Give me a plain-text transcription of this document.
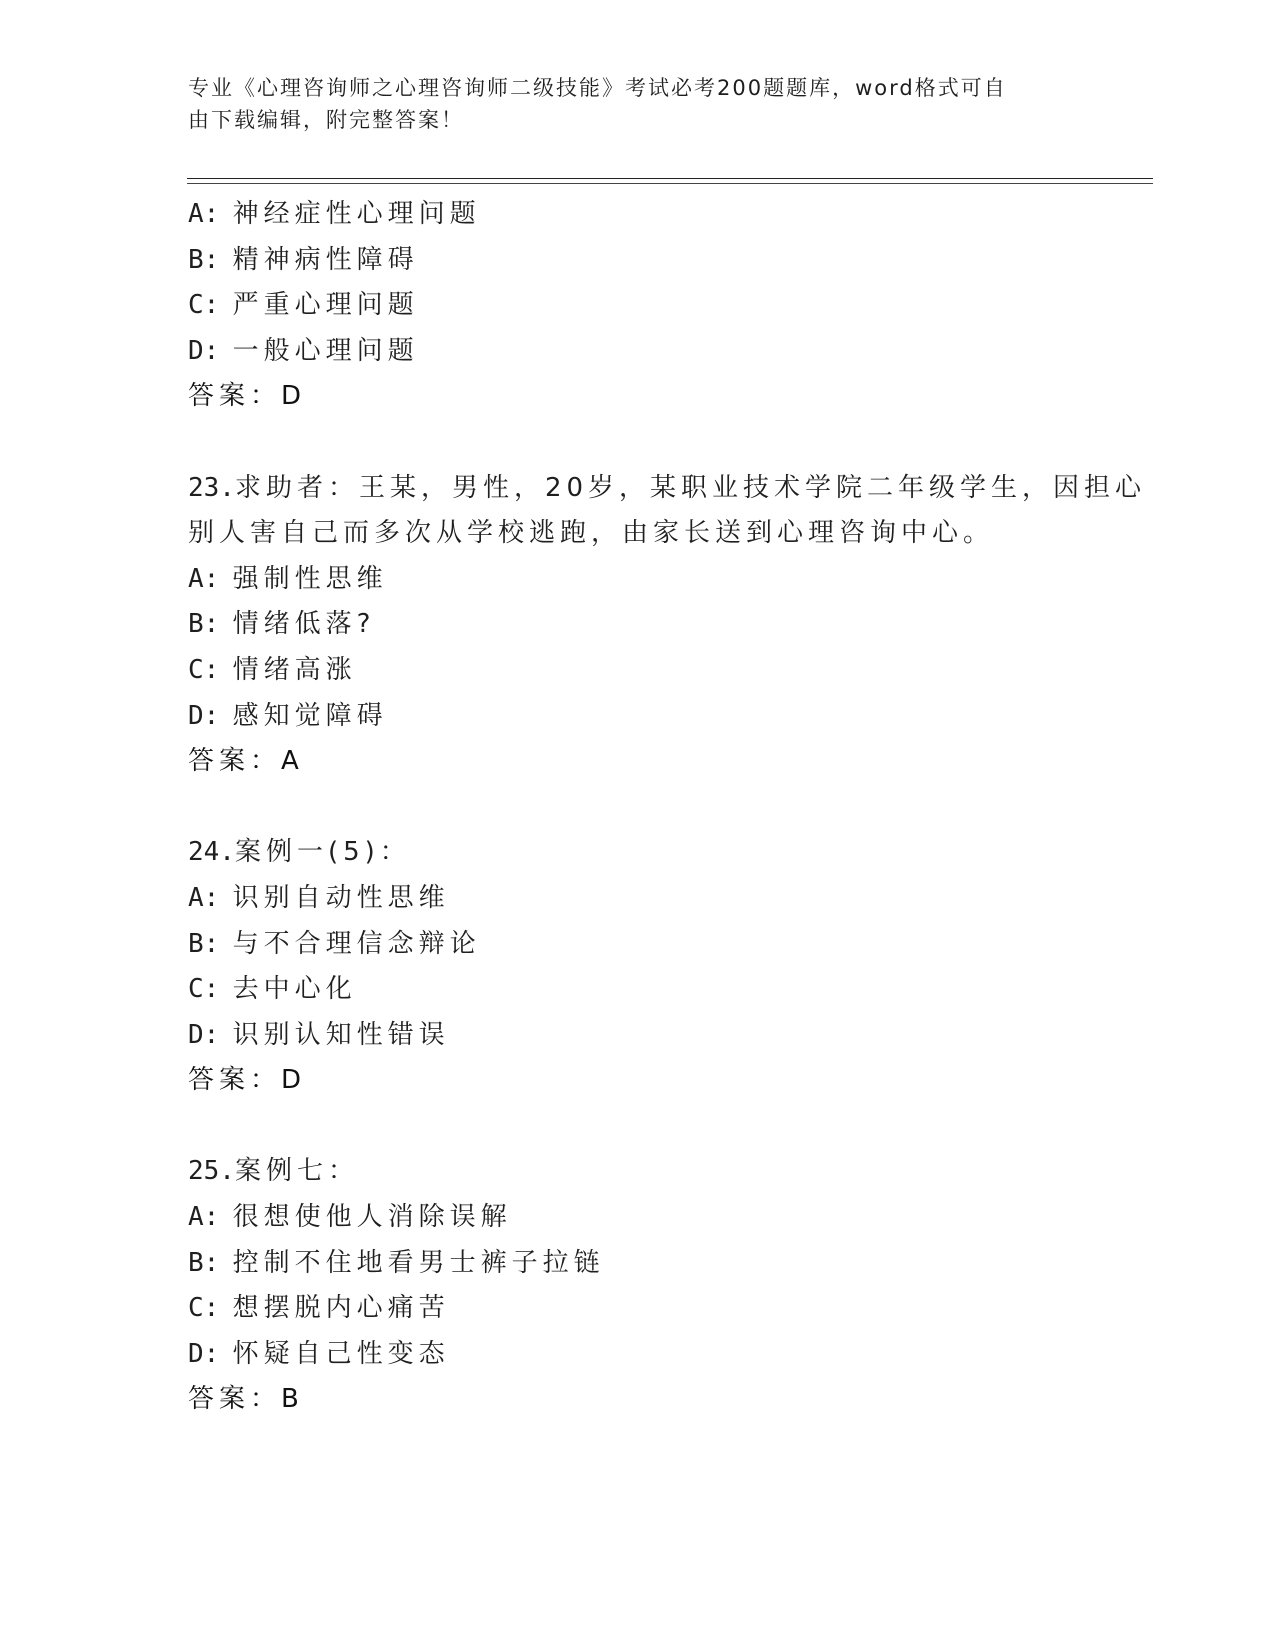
专业《心理咨询师之心理咨询师二级技能》考试必考200题题库，word格式可自
由下载编辑，附完整答案！
A: 神经症性心理问题
B: 精神病性障碍
C: 严重心理问题
D: 一般心理问题
答案：D
23.求助者：王某，男性，20岁，某职业技术学院二年级学生，因担心
别人害自己而多次从学校逃跑，由家长送到心理咨询中心。
A: 强制性思维
B: 情绪低落?
C: 情绪高涨
D: 感知觉障碍
答案：A
24.案例一(5)：
A: 识别自动性思维
B: 与不合理信念辩论
C: 去中心化
D: 识别认知性错误
答案：D
25.案例七：
A: 很想使他人消除误解
B: 控制不住地看男士裤子拉链
C: 想摆脱内心痛苦
D: 怀疑自己性变态
答案：B
